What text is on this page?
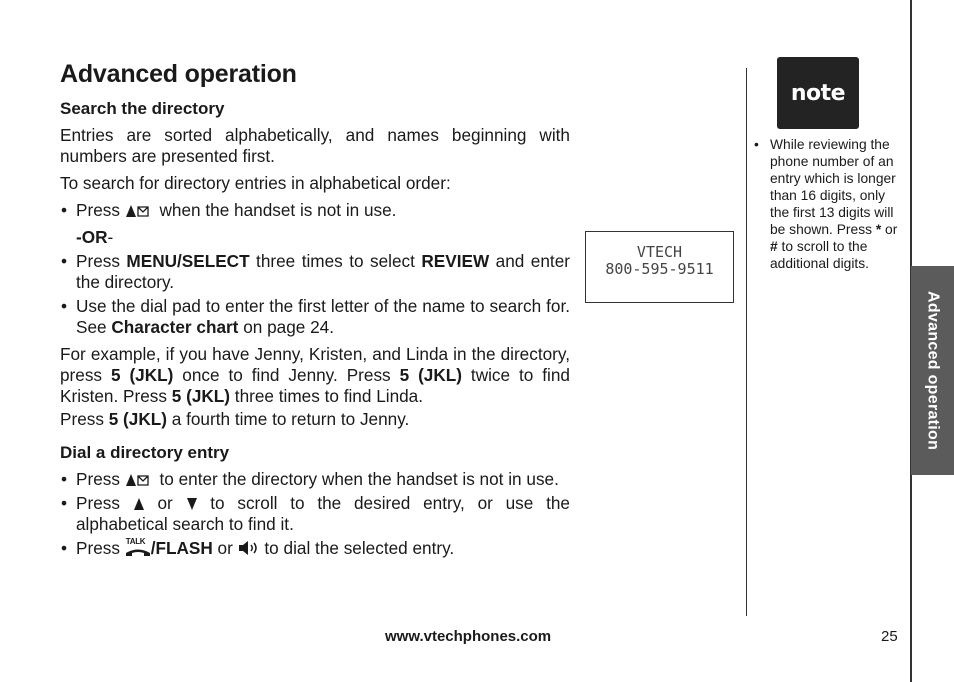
Advanced operation
Search the directory

Entries are sorted alphabetically, and names beginning with numbers are presented first.

To search for directory entries in alphabetical order:

• Press
when the handset is not in use.
-OR-
• Press MENU/SELECT three times to select REVIEW and enter the directory.
• Use the dial pad to enter the first letter of the name to search for. See Character chart on page 24.

For example, if you have Jenny, Kristen, and Linda in the directory, press 5 (JKL) once to find Jenny. Press 5 (JKL) twice to find Kristen. Press 5 (JKL) three times to find Linda.

Press 5 (JKL) a fourth time to return to Jenny.

Dial a directory entry
• Press
to enter the directory when the handset is not in use.
• Press
or
to scroll to the desired entry, or use the alphabetical search to find it.
• Press TALK /FLASH or
to dial the selected entry.
VTECH
800-595-9511
note
• While reviewing the phone number of an entry which is longer than 16 digits, only the first 13 digits will be shown. Press * or # to scroll to the additional digits.
Advanced operation
www.vtechphones.com	25
